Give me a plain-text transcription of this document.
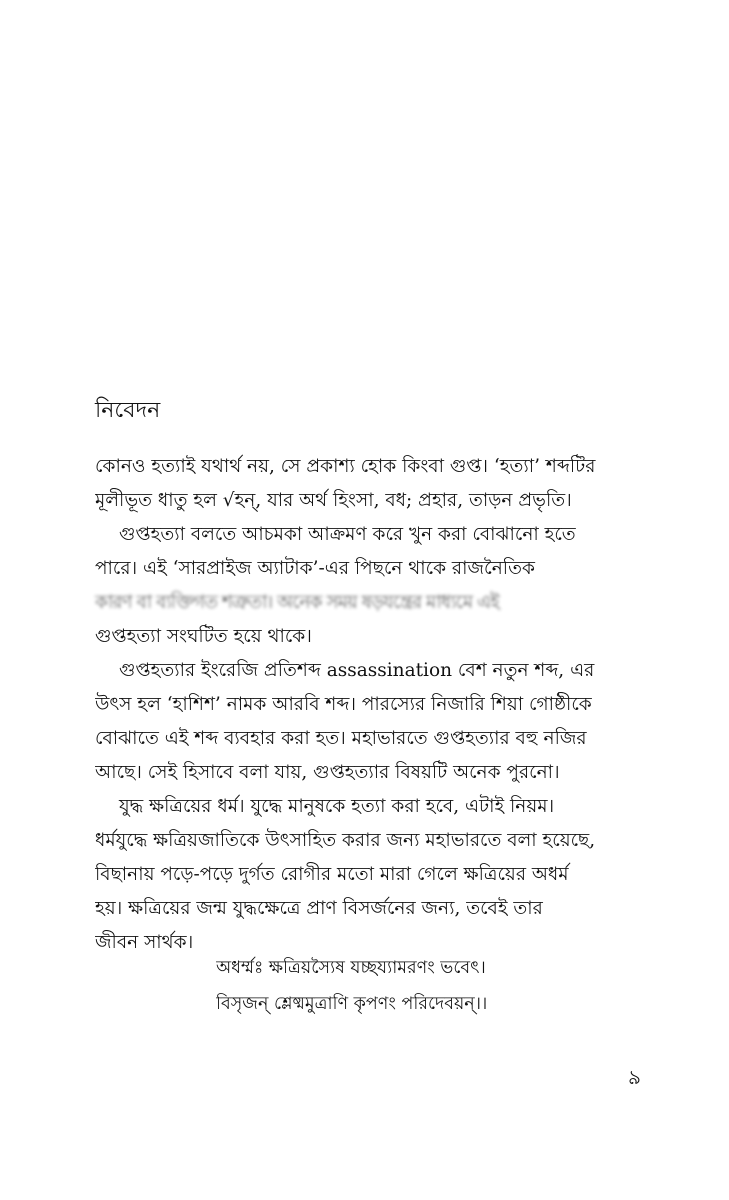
নিবেদন
কোনও হত্যাই যথার্থ নয়, সে প্রকাশ্য হোক কিংবা গুপ্ত। ‘হত্যা’ শব্দটির
মূলীভূত ধাতু হল √হন্, যার অর্থ হিংসা, বধ; প্রহার, তাড়ন প্রভৃতি।
গুপ্তহত্যা বলতে আচমকা আক্রমণ করে খুন করা বোঝানো হতে
পারে। এই ‘সারপ্রাইজ অ্যাটাক’-এর পিছনে থাকে রাজনৈতিক
কারণ বা ব্যক্তিগত শত্রুতা। অনেক সময় ষড়যন্ত্রের মাধ্যমে এই
গুপ্তহত্যা সংঘটিত হয়ে থাকে।
গুপ্তহত্যার ইংরেজি প্রতিশব্দ assassination বেশ নতুন শব্দ, এর
উৎস হল ‘হাশিশ’ নামক আরবি শব্দ। পারস্যের নিজারি শিয়া গোষ্ঠীকে
বোঝাতে এই শব্দ ব্যবহার করা হত। মহাভারতে গুপ্তহত্যার বহু নজির
আছে। সেই হিসাবে বলা যায়, গুপ্তহত্যার বিষয়টি অনেক পুরনো।
যুদ্ধ ক্ষত্রিয়ের ধর্ম। যুদ্ধে মানুষকে হত্যা করা হবে, এটাই নিয়ম।
ধর্মযুদ্ধে ক্ষত্রিয়জাতিকে উৎসাহিত করার জন্য মহাভারতে বলা হয়েছে,
বিছানায় পড়ে-পড়ে দুর্গত রোগীর মতো মারা গেলে ক্ষত্রিয়ের অধর্ম
হয়। ক্ষত্রিয়ের জন্ম যুদ্ধক্ষেত্রে প্রাণ বিসর্জনের জন্য, তবেই তার
জীবন সার্থক।
অধর্ম্মঃ ক্ষত্রিয়স্যৈষ যচ্ছয্যামরণং ভবেৎ।
বিসৃজন্ শ্লেষ্মমুত্রাণি কৃপণং পরিদেবয়ন্।।
৯
